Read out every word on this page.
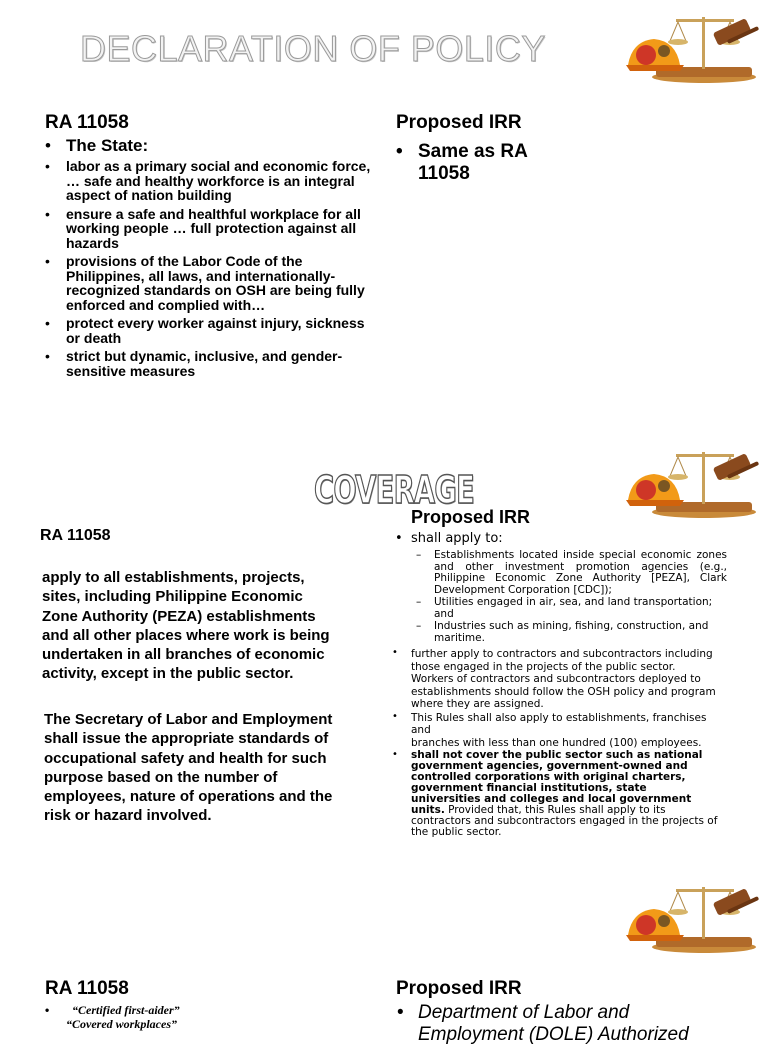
DECLARATION OF POLICY
RA 11058
• The State:
• labor as a primary social and economic force,
… safe and healthy workforce is an integral aspect of nation building
• ensure a safe and healthful workplace for all working people … full protection against all hazards
• provisions of the Labor Code of the Philippines, all laws, and internationally-recognized standards on OSH are being fully enforced and complied with…
• protect every worker against injury, sickness or death
• strict but dynamic, inclusive, and gender-sensitive measures
Proposed IRR
• Same as RA 11058
COVERAGE
RA 11058
apply to all establishments, projects, sites, including Philippine Economic Zone Authority (PEZA) establishments and all other places where work is being undertaken in all branches of economic activity, except in the public sector.
The Secretary of Labor and Employment shall issue the appropriate standards of occupational safety and health for such purpose based on the number of employees, nature of operations and the risk or hazard involved.
Proposed IRR
• shall apply to:
– Establishments located inside special economic zones and other investment promotion agencies (e.g., Philippine Economic Zone Authority [PEZA], Clark Development Corporation [CDC]);
– Utilities engaged in air, sea, and land transportation; and
– Industries such as mining, fishing, construction, and maritime.
• further apply to contractors and subcontractors including those engaged in the projects of the public sector.
Workers of contractors and subcontractors deployed to establishments should follow the OSH policy and program where they are assigned.
• This Rules shall also apply to establishments, franchises and
branches with less than one hundred (100) employees.
• shall not cover the public sector such as national government agencies, government-owned and controlled corporations with original charters, government financial institutions, state universities and colleges and local government units. Provided that, this Rules shall apply to its contractors and subcontractors engaged in the projects of the public sector.
RA 11058
• “Certified first-aider”
“Covered workplaces”
Proposed IRR
• Department of Labor and Employment (DOLE) Authorized
